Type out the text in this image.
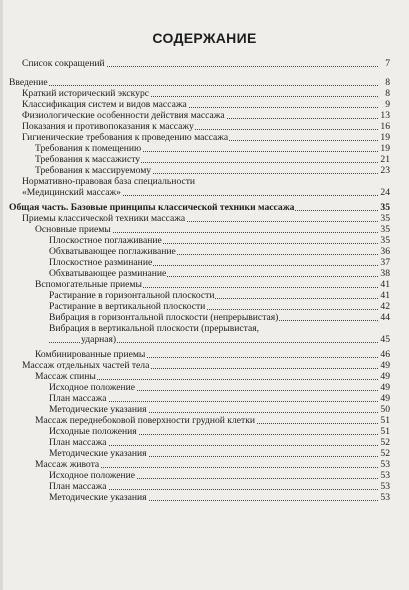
СОДЕРЖАНИЕ
Список сокращений	7
Введение	8
Краткий исторический экскурс	8
Классификация систем и видов массажа	9
Физиологические особенности действия массажа	13
Показания и противопоказания к массажу	16
Гигиенические требования к проведению массажа	19
Требования к помещению	19
Требования к массажисту	21
Требования к массируемому	23
Нормативно-правовая база специальности
«Медицинский массаж»	24
Общая часть. Базовые принципы классической техники массажа	35
Приемы классической техники массажа	35
Основные приемы	35
Плоскостное поглаживание	35
Обхватывающее поглаживание	36
Плоскостное разминание	37
Обхватывающее разминание	38
Вспомогательные приемы	41
Растирание в горизонтальной плоскости	41
Растирание в вертикальной плоскости	42
Вибрация в горизонтальной плоскости (непрерывистая)	44
Вибрация в вертикальной плоскости (прерывистая,
ударная)	45
Комбинированные приемы	46
Массаж отдельных частей тела	49
Массаж спины	49
Исходное положение	49
План массажа	49
Методические указания	50
Массаж переднебоковой поверхности грудной клетки	51
Исходные положения	51
План массажа	52
Методические указания	52
Массаж живота	53
Исходное положение	53
План массажа	53
Методические указания	53
